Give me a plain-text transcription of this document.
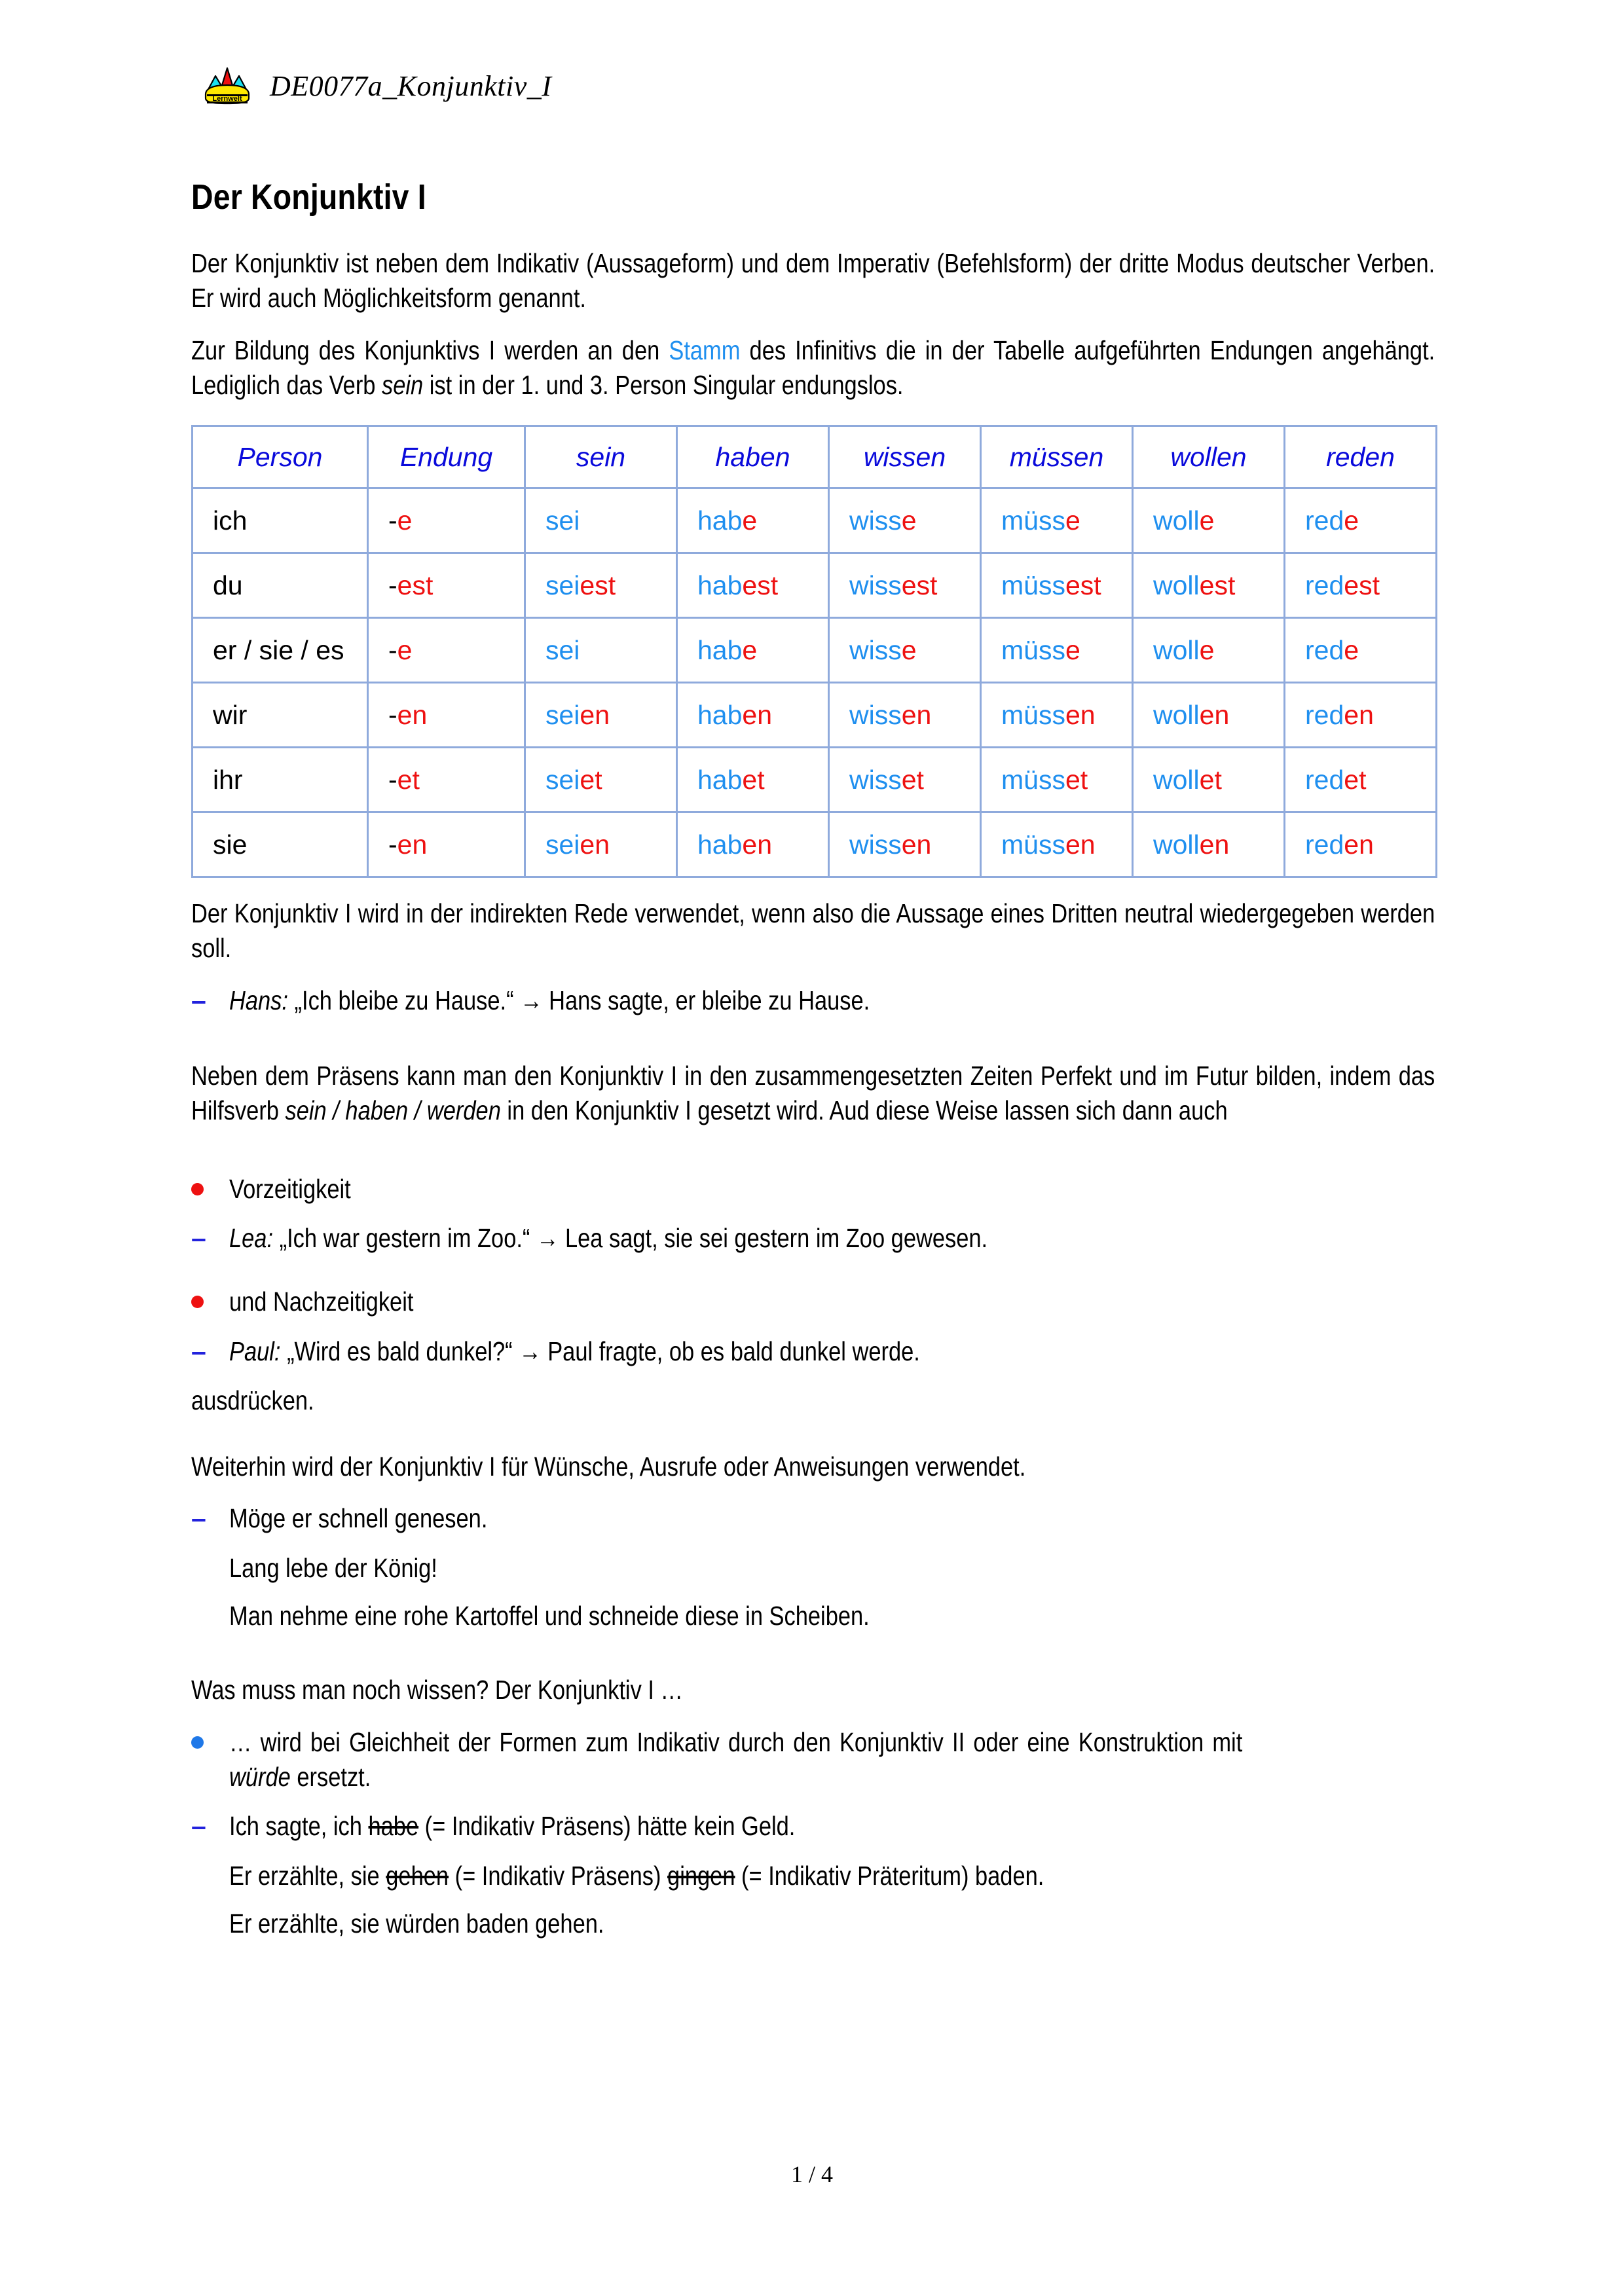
Lernwelt DE0077a_Konjunktiv_I
Der Konjunktiv I

Der Konjunktiv ist neben dem Indikativ (Aussageform) und dem Imperativ (Befehlsform) der dritte Modus deutscher Verben. Er wird auch Möglichkeitsform genannt.

Zur Bildung des Konjunktivs I werden an den Stamm des Infinitivs die in der Tabelle aufgeführten Endungen angehängt. Lediglich das Verb sein ist in der 1. und 3. Person Singular endungslos.

Person	Endung	sein	haben	wissen	müssen	wollen	reden
ich	-e	sei	habe	wisse	müsse	wolle	rede
du	-est	seiest	habest	wissest	müssest	wollest	redest
er / sie / es	-e	sei	habe	wisse	müsse	wolle	rede
wir	-en	seien	haben	wissen	müssen	wollen	reden
ihr	-et	seiet	habet	wisset	müsset	wollet	redet
sie	-en	seien	haben	wissen	müssen	wollen	reden

Der Konjunktiv I wird in der indirekten Rede verwendet, wenn also die Aussage eines Dritten neutral wiedergegeben werden soll.

– Hans: „Ich bleibe zu Hause.“ → Hans sagte, er bleibe zu Hause.

Neben dem Präsens kann man den Konjunktiv I in den zusammengesetzten Zeiten Perfekt und im Futur bilden, indem das Hilfsverb sein / haben / werden in den Konjunktiv I gesetzt wird. Aud diese Weise lassen sich dann auch

Vorzeitigkeit
– Lea: „Ich war gestern im Zoo.“ → Lea sagt, sie sei gestern im Zoo gewesen.
und Nachzeitigkeit
– Paul: „Wird es bald dunkel?“ → Paul fragte, ob es bald dunkel werde.

ausdrücken.

Weiterhin wird der Konjunktiv I für Wünsche, Ausrufe oder Anweisungen verwendet.

– Möge er schnell genesen.
Lang lebe der König!
Man nehme eine rohe Kartoffel und schneide diese in Scheiben.

Was muss man noch wissen? Der Konjunktiv I …

… wird bei Gleichheit der Formen zum Indikativ durch den Konjunktiv II oder eine Konstruktion mit würde ersetzt.
– Ich sagte, ich habe (= Indikativ Präsens) hätte kein Geld.
Er erzählte, sie gehen (= Indikativ Präsens) gingen (= Indikativ Präteritum) baden.
Er erzählte, sie würden baden gehen.
1 / 4
